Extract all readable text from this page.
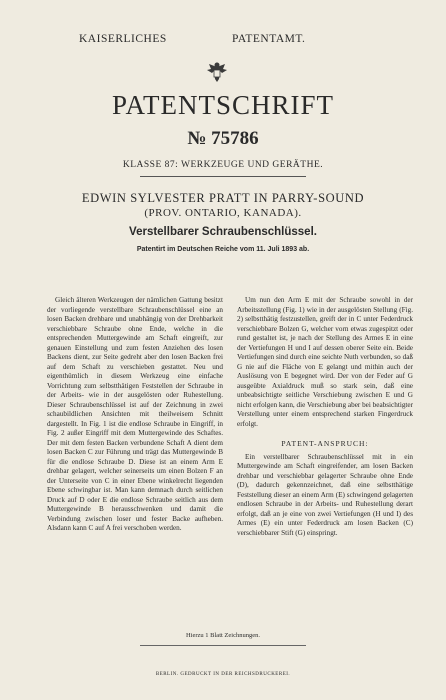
KAISERLICHES	PATENTAMT.
PATENTSCHRIFT
№ 75786
KLASSE 87: WERKZEUGE UND GERÄTHE.
EDWIN SYLVESTER PRATT IN PARRY-SOUND
(PROV. ONTARIO, KANADA).
Verstellbarer Schraubenschlüssel.
Patentirt im Deutschen Reiche vom 11. Juli 1893 ab.

Gleich älteren Werkzeugen der nämlichen Gattung besitzt der vorliegende verstellbare Schraubenschlüssel eine an losen Backen drehbare und unabhängig von der Drehbarkeit verschiebbare Schraube ohne Ende, welche in die entsprechenden Muttergewinde am Schaft eingreift, zur genauen Einstellung und zum festen Anziehen des losen Backens dient, zur Seite gedreht aber den losen Backen frei auf dem Schaft zu verschieben gestattet. Neu und eigenthümlich in diesem Werkzeug eine einfache Vorrichtung zum selbstthätigen Feststellen der Schraube in der Arbeits- wie in der ausgelösten oder Ruhestellung. Dieser Schraubenschlüssel ist auf der Zeichnung in zwei schaubildlichen Ansichten mit theilweisem Schnitt dargestellt. In Fig. 1 ist die endlose Schraube in Eingriff, in Fig. 2 außer Eingriff mit dem Muttergewinde des Schaftes. Der mit dem festen Backen verbundene Schaft A dient dem losen Backen C zur Führung und trägt das Muttergewinde B für die endlose Schraube D. Diese ist an einem Arm E drehbar gelagert, welcher seinerseits um einen Bolzen F an der Unterseite von C in einer Ebene winkelrecht liegenden Ebene schwingbar ist. Man kann demnach durch seitlichen Druck auf D oder E die endlose Schraube seitlich aus dem Muttergewinde B herausschwenken und damit die Verbindung zwischen loser und fester Backe aufheben. Alsdann kann C auf A frei verschoben werden.

Um nun den Arm E mit der Schraube sowohl in der Arbeitsstellung (Fig. 1) wie in der ausgelösten Stellung (Fig. 2) selbstthätig festzustellen, greift der in C unter Federdruck verschiebbare Bolzen G, welcher vorn etwas zugespitzt oder rund gestaltet ist, je nach der Stellung des Armes E in eine der Vertiefungen H und I auf dessen oberer Seite ein. Beide Vertiefungen sind durch eine seichte Nuth verbunden, so daß G nie auf die Fläche von E gelangt und mithin auch der Auslösung von E begegnet wird. Der von der Feder auf G ausgeübte Axialdruck muß so stark sein, daß eine unbeabsichtigte seitliche Verschiebung zwischen E und G nicht erfolgen kann, die Verschiebung aber bei beabsichtigter Verstellung unter einem entsprechend starken Fingerdruck erfolgt.

PATENT-ANSPRUCH:

Ein verstellbarer Schraubenschlüssel mit in ein Muttergewinde am Schaft eingreifender, am losen Backen drehbar und verschiebbar gelagerter Schraube ohne Ende (D), dadurch gekennzeichnet, daß eine selbstthätige Feststellung dieser an einem Arm (E) schwingend gelagerten endlosen Schraube in der Arbeits- und Ruhestellung derart erfolgt, daß an je eine von zwei Vertiefungen (H und I) des Armes (E) ein unter Federdruck am losen Backen (C) verschiebbarer Stift (G) einspringt.

Hierzu 1 Blatt Zeichnungen.
BERLIN. GEDRUCKT IN DER REICHSDRUCKEREI.
